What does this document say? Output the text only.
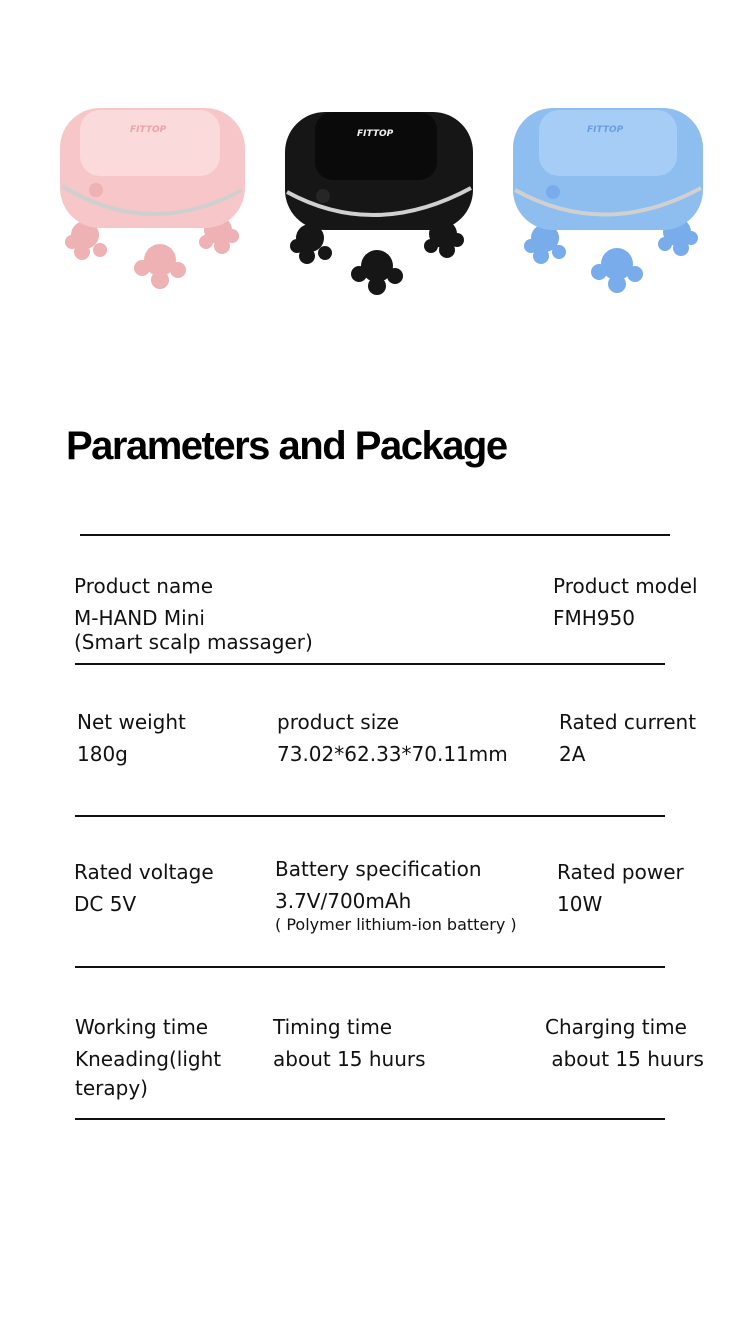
FITTOP	FITTOP	FITTOP
Parameters and Package
Product name
M-HAND Mini
(Smart scalp massager)
Product model
FMH950
Net weight
180g
product size
73.02*62.33*70.11mm
Rated current
2A
Rated voltage
DC 5V
Battery specification
3.7V/700mAh
( Polymer lithium-ion battery )
Rated power
10W
Working time
Kneading(light
terapy)
Timing time
about 15 huurs
Charging time
about 15 huurs
